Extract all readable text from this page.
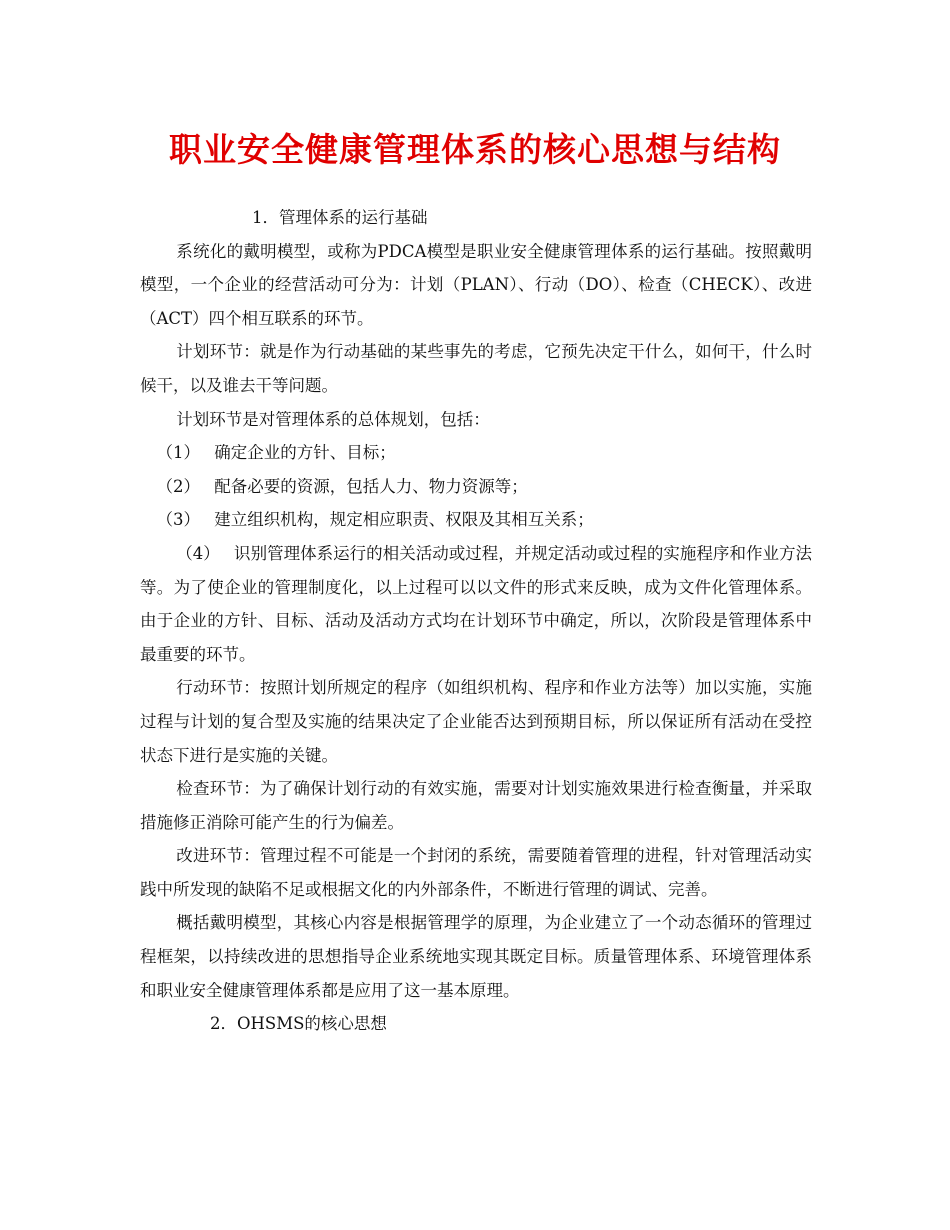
职业安全健康管理体系的核心思想与结构

1．管理体系的运行基础

系统化的戴明模型，或称为PDCA模型是职业安全健康管理体系的运行基础。按照戴明模型，一个企业的经营活动可分为：计划（PLAN）、行动（DO）、检查（CHECK）、改进（ACT）四个相互联系的环节。

计划环节：就是作为行动基础的某些事先的考虑，它预先决定干什么，如何干，什么时候干，以及谁去干等问题。

计划环节是对管理体系的总体规划，包括：

（1） 确定企业的方针、目标；

（2） 配备必要的资源，包括人力、物力资源等；

（3） 建立组织机构，规定相应职责、权限及其相互关系；

（4） 识别管理体系运行的相关活动或过程，并规定活动或过程的实施程序和作业方法等。为了使企业的管理制度化，以上过程可以以文件的形式来反映，成为文件化管理体系。由于企业的方针、目标、活动及活动方式均在计划环节中确定，所以，次阶段是管理体系中最重要的环节。

行动环节：按照计划所规定的程序（如组织机构、程序和作业方法等）加以实施，实施过程与计划的复合型及实施的结果决定了企业能否达到预期目标，所以保证所有活动在受控状态下进行是实施的关键。

检查环节：为了确保计划行动的有效实施，需要对计划实施效果进行检查衡量，并采取措施修正消除可能产生的行为偏差。

改进环节：管理过程不可能是一个封闭的系统，需要随着管理的进程，针对管理活动实践中所发现的缺陷不足或根据文化的内外部条件，不断进行管理的调试、完善。

概括戴明模型，其核心内容是根据管理学的原理，为企业建立了一个动态循环的管理过程框架，以持续改进的思想指导企业系统地实现其既定目标。质量管理体系、环境管理体系和职业安全健康管理体系都是应用了这一基本原理。

2．OHSMS的核心思想
